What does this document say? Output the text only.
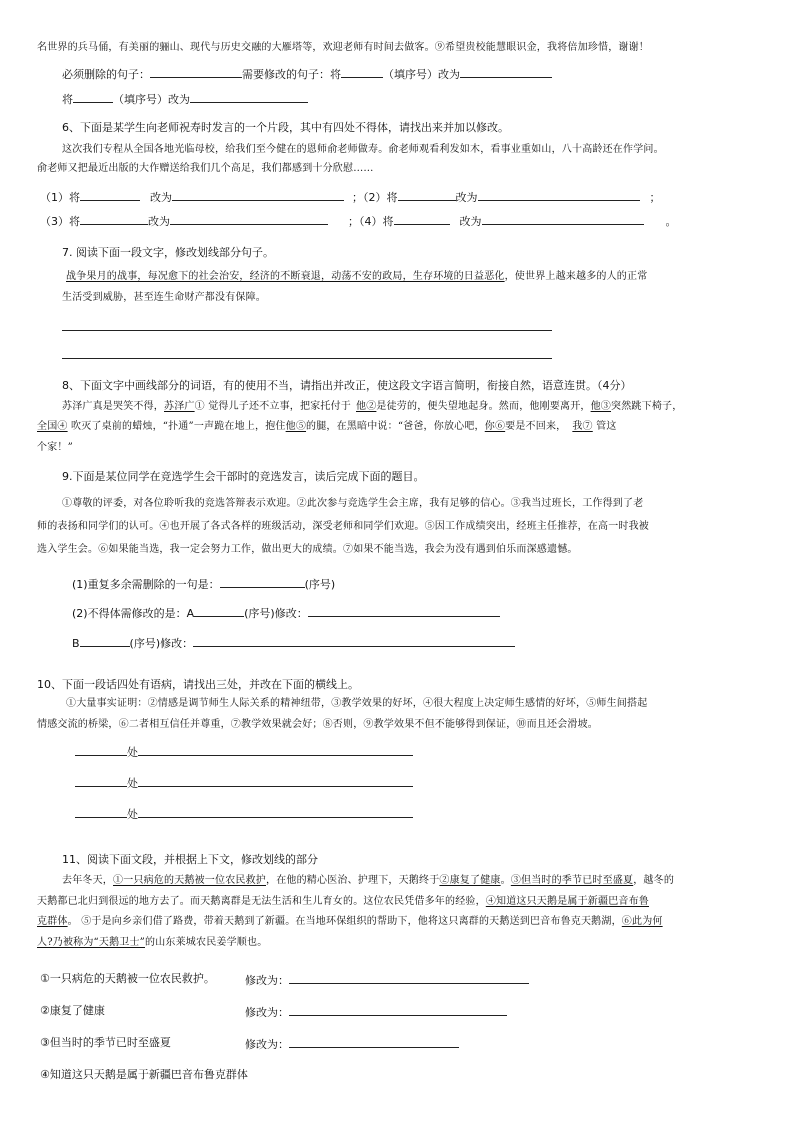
名世界的兵马俑，有美丽的骊山、现代与历史交融的大雁塔等，欢迎老师有时间去做客。⑨希望贵校能慧眼识金，我将倍加珍惜，谢谢！
必须删除的句子：	需要修改的句子：将	（填序号）改为
将	（填序号）改为
6、下面是某学生向老师祝寿时发言的一个片段，其中有四处不得体，请找出来并加以修改。
这次我们专程从全国各地光临母校，给我们至今健在的恩师俞老师做寿。俞老师观看利发如木，看事业重如山，八十高龄还在作学问。
俞老师又把最近出版的大作赠送给我们几个高足，我们都感到十分欣慰……
（1）将	改为	；（2）将	改为	；
（3）将	改为	；（4）将	改为	。
7. 阅读下面一段文字，修改划线部分句子。
战争果月的战事，每况愈下的社会治安，经济的不断衰退，动荡不安的政局，生存环境的日益恶化，使世界上越来越多的人的正常
生活受到威胁，甚至连生命财产都没有保障。
8、下面文字中画线部分的词语，有的使用不当，请指出并改正，使这段文字语言简明，衔接自然，语意连贯。（4分）
苏泽广真是哭笑不得，苏泽广① 觉得儿子还不立事，把家托付于 他②是徒劳的，便失望地起身。然而，他刚要离开，他③突然跳下椅子，
全国④ 吹灭了桌前的蜡烛，“扑通”一声跪在地上，抱住他⑤的腿，在黑暗中说：“爸爸，你放心吧，你⑥要是不回来， 我⑦ 管这
个家！”
9.下面是某位同学在竞选学生会干部时的竞选发言，读后完成下面的题目。
①尊敬的评委，对各位聆听我的竞选答辩表示欢迎。②此次参与竞选学生会主席，我有足够的信心。③我当过班长，工作得到了老
师的表扬和同学们的认可。④也开展了各式各样的班级活动，深受老师和同学们欢迎。⑤因工作成绩突出，经班主任推荐，在高一时我被
选入学生会。⑥如果能当选，我一定会努力工作，做出更大的成绩。⑦如果不能当选，我会为没有遇到伯乐而深感遗憾。
(1)重复多余需删除的一句是：	(序号)
(2)不得体需修改的是：A	(序号)修改：
B	(序号)修改：
10、下面一段话四处有语病，请找出三处，并改在下面的横线上。
①大量事实证明：②情感是调节师生人际关系的精神纽带，③教学效果的好坏，④很大程度上决定师生感情的好坏，⑤师生间搭起
情感交流的桥梁，⑥二者相互信任并尊重，⑦教学效果就会好；⑧否则，⑨教学效果不但不能够得到保证，⑩而且还会滑坡。
处
处
处
11、阅读下面文段，并根据上下文，修改划线的部分
去年冬天，①一只病危的天鹅被一位农民救护，在他的精心医治、护理下，天鹅终于②康复了健康。③但当时的季节已时至盛夏，越冬的
天鹅都已北归到很远的地方去了。而天鹅离群是无法生活和生儿育女的。这位农民凭借多年的经验，④知道这只天鹅是属于新疆巴音布鲁
克群体。 ⑤于是向乡亲们借了路费，带着天鹅到了新疆。在当地环保组织的帮助下，他将这只离群的天鹅送到巴音布鲁克天鹅湖，⑥此为何
人?乃被称为“天鹅卫士”的山东莱城农民姜学顺也。
①一只病危的天鹅被一位农民救护。	修改为：
②康复了健康	修改为：
③但当时的季节已时至盛夏	修改为：
④知道这只天鹅是属于新疆巴音布鲁克群体
